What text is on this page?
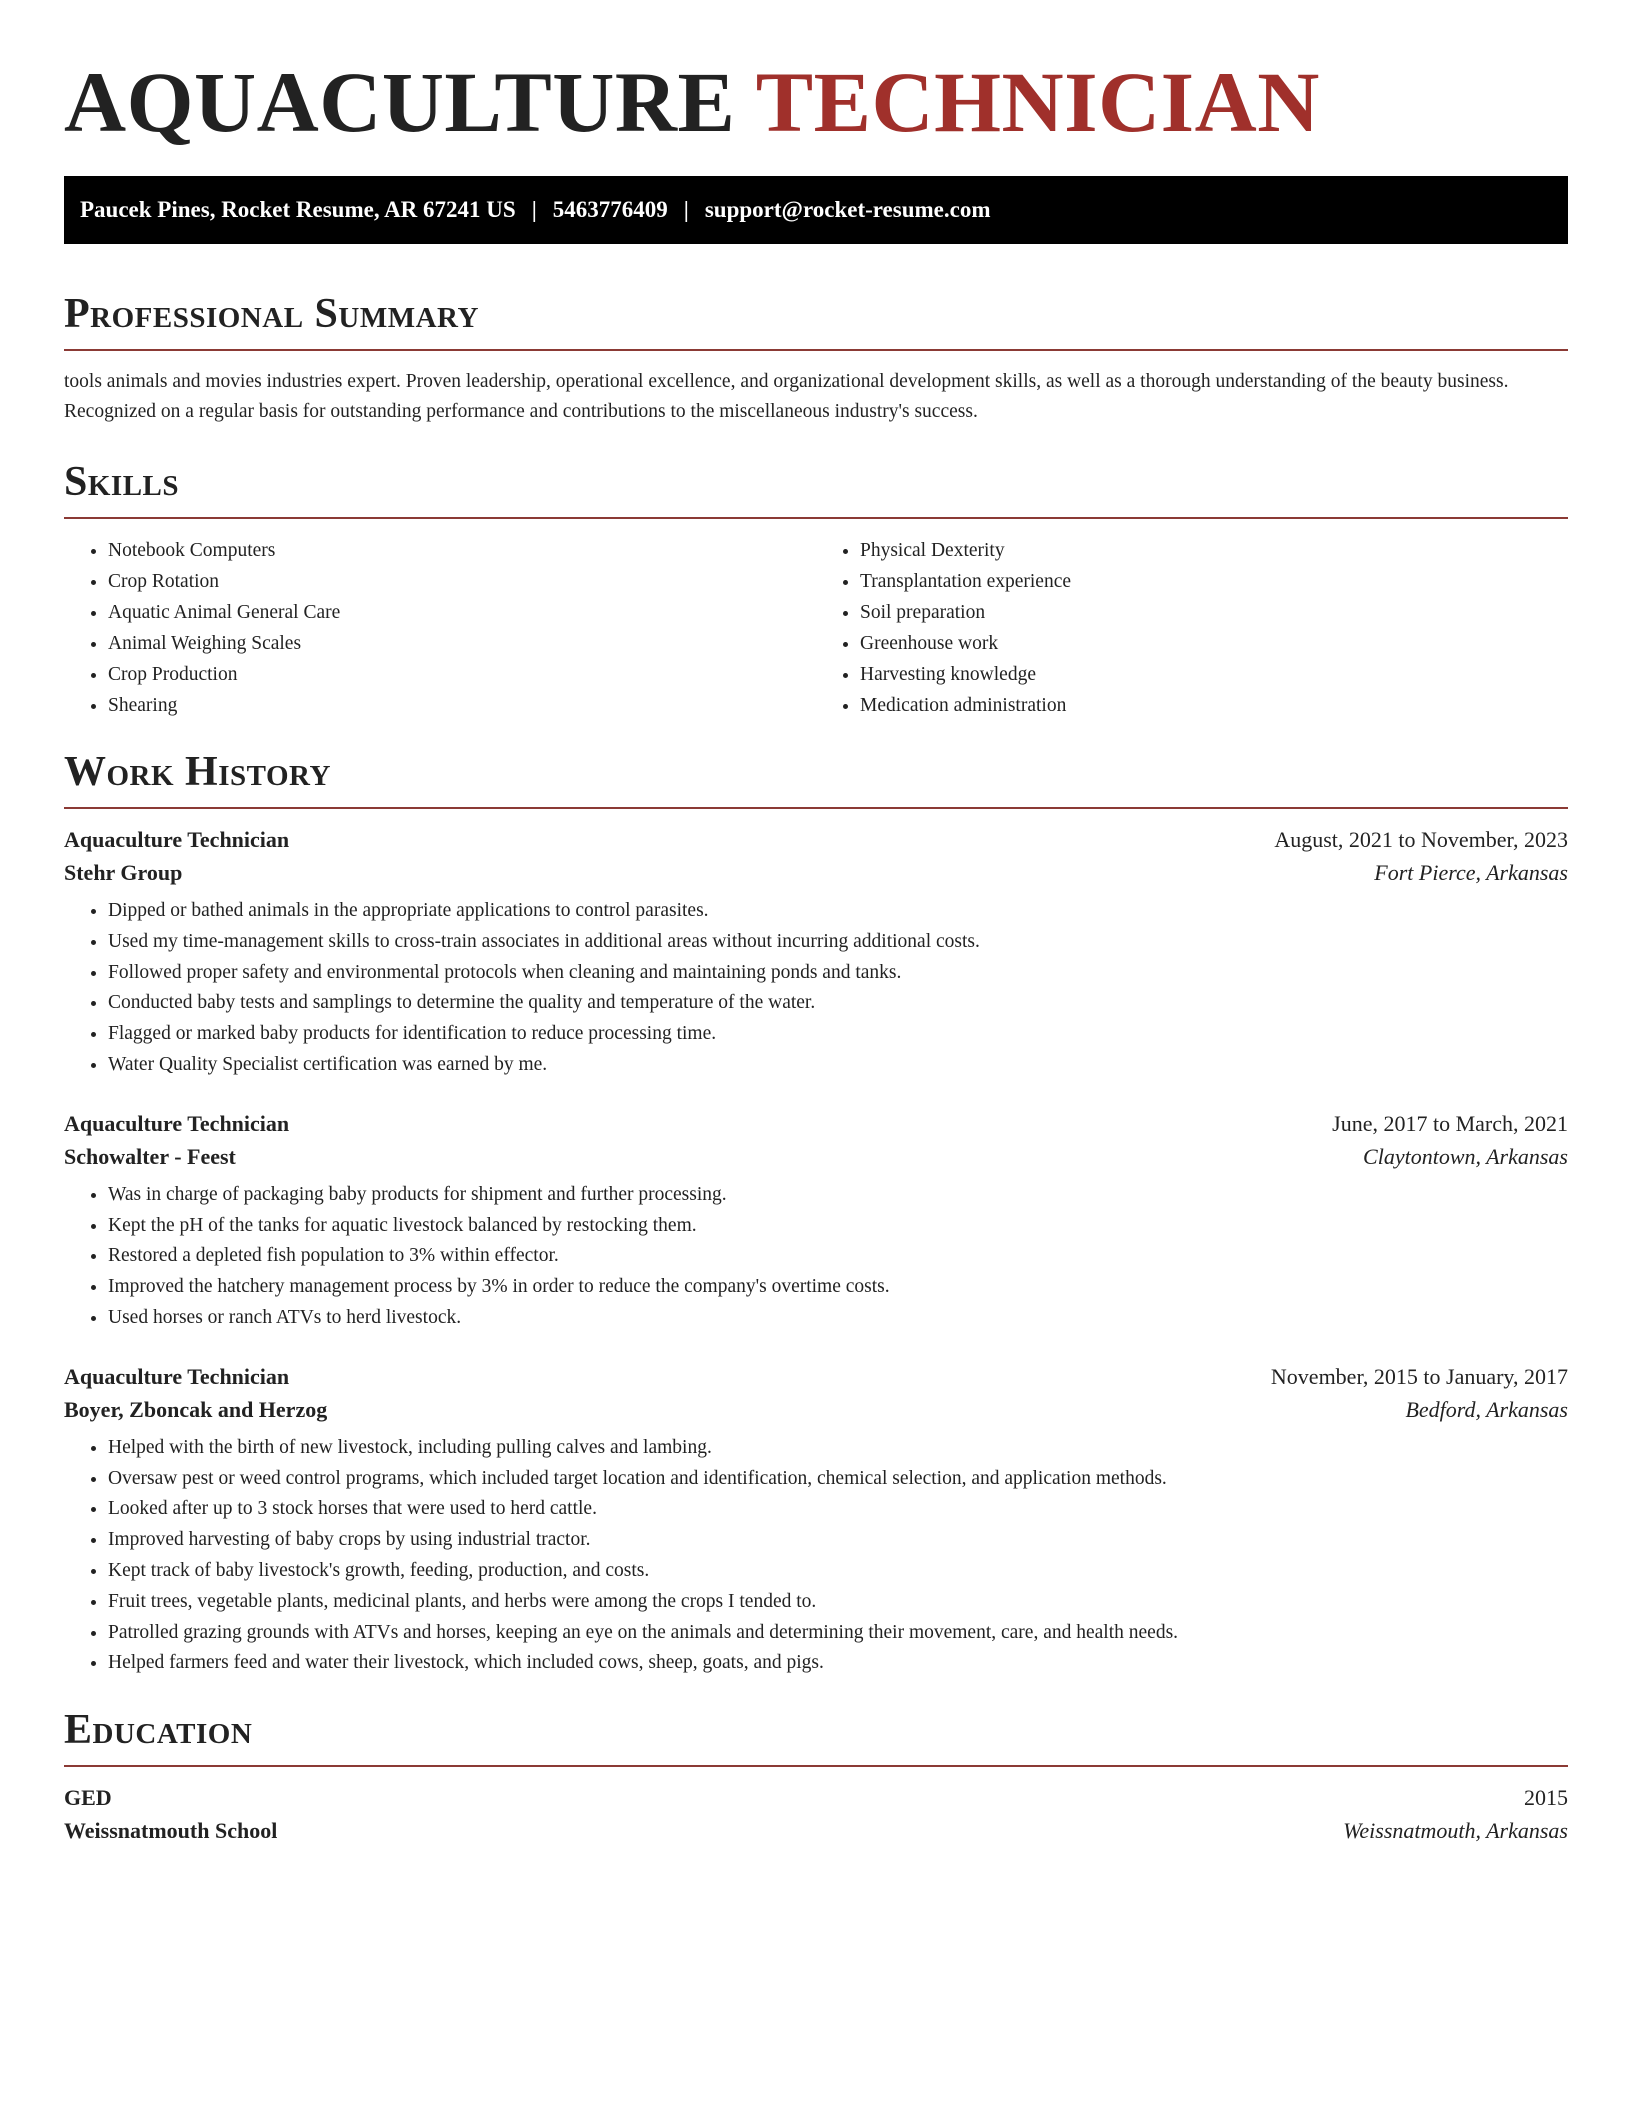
AQUACULTURE TECHNICIAN
Paucek Pines, Rocket Resume, AR 67241 US | 5463776409 | support@rocket-resume.com
Professional Summary

tools animals and movies industries expert. Proven leadership, operational excellence, and organizational development skills, as well as a thorough understanding of the beauty business. Recognized on a regular basis for outstanding performance and contributions to the miscellaneous industry's success.

Skills
• Notebook Computers
• Crop Rotation
• Aquatic Animal General Care
• Animal Weighing Scales
• Crop Production
• Shearing
• Physical Dexterity
• Transplantation experience
• Soil preparation
• Greenhouse work
• Harvesting knowledge
• Medication administration
Work History
Aquaculture Technician	August, 2021 to November, 2023
Stehr Group	Fort Pierce, Arkansas
• Dipped or bathed animals in the appropriate applications to control parasites.
• Used my time-management skills to cross-train associates in additional areas without incurring additional costs.
• Followed proper safety and environmental protocols when cleaning and maintaining ponds and tanks.
• Conducted baby tests and samplings to determine the quality and temperature of the water.
• Flagged or marked baby products for identification to reduce processing time.
• Water Quality Specialist certification was earned by me.
Aquaculture Technician	June, 2017 to March, 2021
Schowalter - Feest	Claytontown, Arkansas
• Was in charge of packaging baby products for shipment and further processing.
• Kept the pH of the tanks for aquatic livestock balanced by restocking them.
• Restored a depleted fish population to 3% within effector.
• Improved the hatchery management process by 3% in order to reduce the company's overtime costs.
• Used horses or ranch ATVs to herd livestock.
Aquaculture Technician	November, 2015 to January, 2017
Boyer, Zboncak and Herzog	Bedford, Arkansas
• Helped with the birth of new livestock, including pulling calves and lambing.
• Oversaw pest or weed control programs, which included target location and identification, chemical selection, and application methods.
• Looked after up to 3 stock horses that were used to herd cattle.
• Improved harvesting of baby crops by using industrial tractor.
• Kept track of baby livestock's growth, feeding, production, and costs.
• Fruit trees, vegetable plants, medicinal plants, and herbs were among the crops I tended to.
• Patrolled grazing grounds with ATVs and horses, keeping an eye on the animals and determining their movement, care, and health needs.
• Helped farmers feed and water their livestock, which included cows, sheep, goats, and pigs.
Education
GED	2015
Weissnatmouth School	Weissnatmouth, Arkansas
